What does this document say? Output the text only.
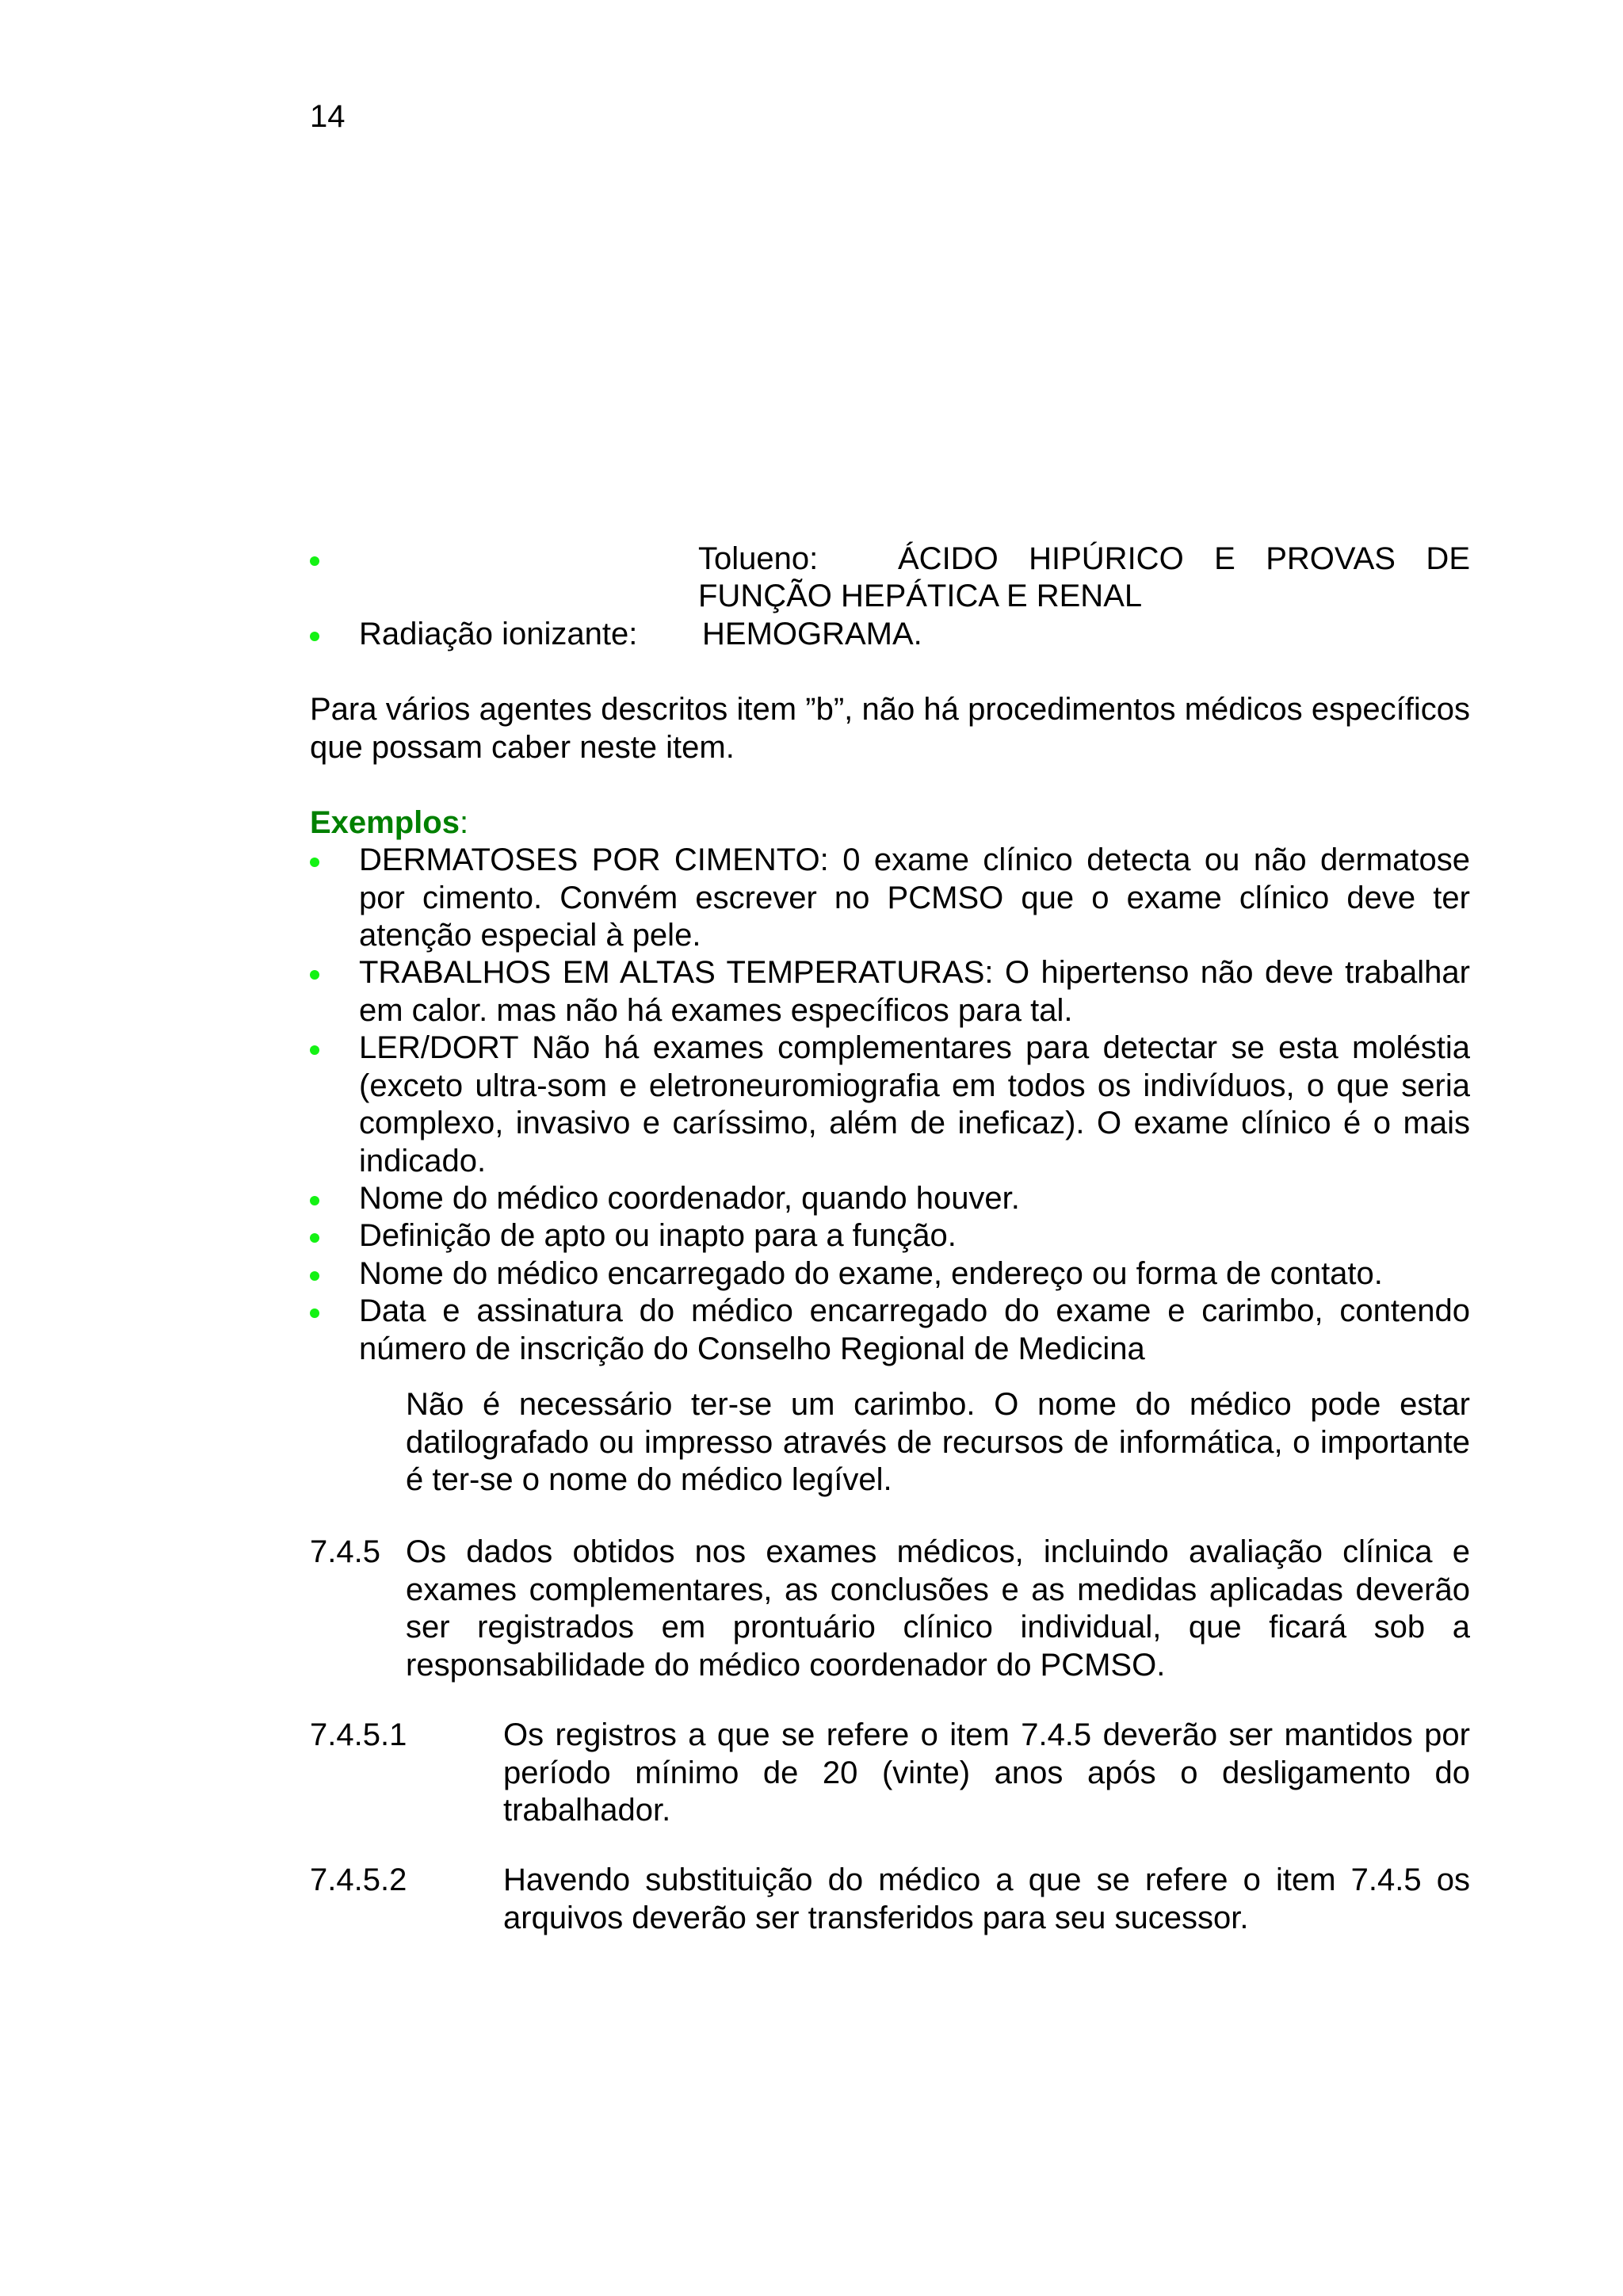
14
Tolueno:	ÁCIDO HIPÚRICO E PROVAS DE
FUNÇÃO HEPÁTICA E RENAL
Radiação ionizante: HEMOGRAMA.
Para vários agentes descritos item ”b”, não há procedimentos médicos específicos que possam caber neste item.
Exemplos:
DERMATOSES POR CIMENTO: 0 exame clínico detecta ou não dermatose por cimento. Convém escrever no PCMSO que o exame clínico deve ter atenção especial à pele.
TRABALHOS EM ALTAS TEMPERATURAS: O hipertenso não deve trabalhar em calor. mas não há exames específicos para tal.
LER/DORT Não há exames complementares para detectar se esta moléstia (exceto ultra-som e eletroneuromiografia em todos os indivíduos, o que seria complexo, invasivo e caríssimo, além de ineficaz). O exame clínico é o mais indicado.
Nome do médico coordenador, quando houver.
Definição de apto ou inapto para a função.
Nome do médico encarregado do exame, endereço ou forma de contato.
Data e assinatura do médico encarregado do exame e carimbo, contendo número de inscrição do Conselho Regional de Medicina
Não é necessário ter-se um carimbo. O nome do médico pode estar datilografado ou impresso através de recursos de informática, o importante é ter-se o nome do médico legível.
7.4.5 Os dados obtidos nos exames médicos, incluindo avaliação clínica e exames complementares, as conclusões e as medidas aplicadas deverão ser registrados em prontuário clínico individual, que ficará sob a responsabilidade do médico coordenador do PCMSO.
7.4.5.1	Os registros a que se refere o item 7.4.5 deverão ser mantidos por período mínimo de 20 (vinte) anos após o desligamento do trabalhador.
7.4.5.2	Havendo substituição do médico a que se refere o item 7.4.5 os arquivos deverão ser transferidos para seu sucessor.
